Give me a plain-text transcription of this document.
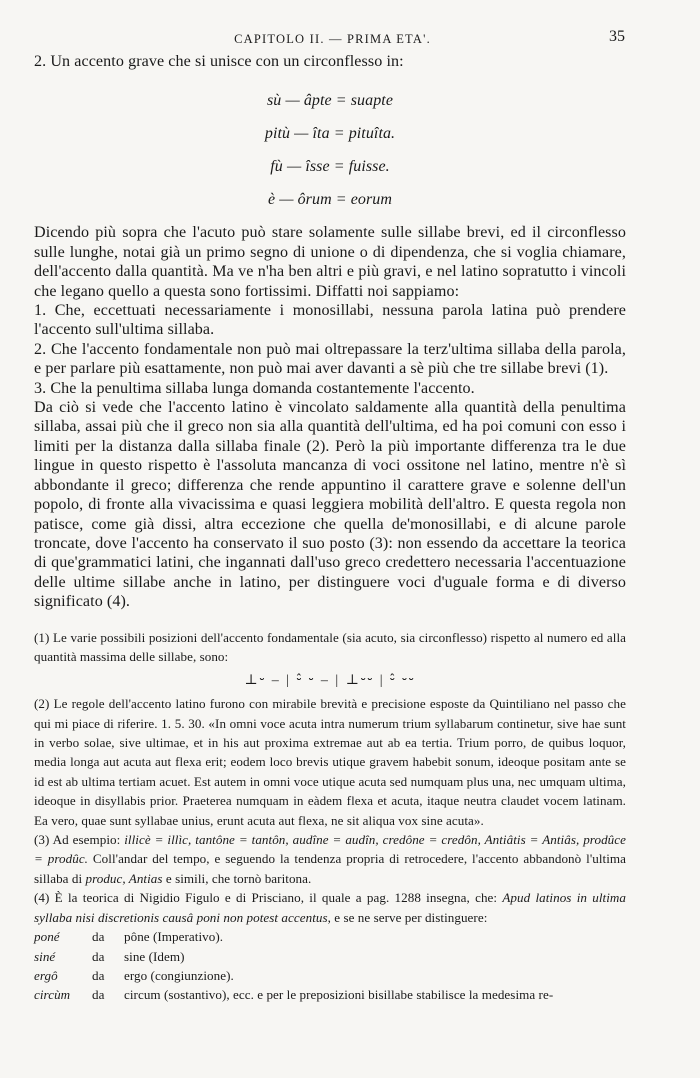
CAPITOLO II. — PRIMA ETA'.	35

2. Un accento grave che si unisce con un circonflesso in:

sù — âpte = suapte
pitù — îta = pituîta.
fù — îsse = fuisse.
è — ôrum = eorum

Dicendo più sopra che l'acuto può stare solamente sulle sillabe brevi, ed il circonflesso sulle lunghe, notai già un primo segno di unione o di dipendenza, che si voglia chiamare, dell'accento dalla quantità. Ma ve n'ha ben altri e più gravi, e nel latino sopratutto i vincoli che legano quello a questa sono fortissimi. Diffatti noi sappiamo:

1. Che, eccettuati necessariamente i monosillabi, nessuna parola latina può prendere l'accento sull'ultima sillaba.

2. Che l'accento fondamentale non può mai oltrepassare la terz'ultima sillaba della parola, e per parlare più esattamente, non può mai aver davanti a sè più che tre sillabe brevi (1).

3. Che la penultima sillaba lunga domanda costantemente l'accento.

Da ciò si vede che l'accento latino è vincolato saldamente alla quantità della penultima sillaba, assai più che il greco non sia alla quantità dell'ultima, ed ha poi comuni con esso i limiti per la distanza dalla sillaba finale (2). Però la più importante differenza tra le due lingue in questo rispetto è l'assoluta mancanza di voci ossitone nel latino, mentre n'è sì abbondante il greco; differenza che rende appuntino il carattere grave e solenne dell'un popolo, di fronte alla vivacissima e quasi leggiera mobilità dell'altro. E questa regola non patisce, come già dissi, altra eccezione che quella de'monosillabi, e di alcune parole troncate, dove l'accento ha conservato il suo posto (3): non essendo da accettare la teorica di que'grammatici latini, che ingannati dall'uso greco credettero necessaria l'accentuazione delle ultime sillabe anche in latino, per distinguere voci d'uguale forma e di diverso significato (4).

(1) Le varie possibili posizioni dell'accento fondamentale (sia acuto, sia circonflesso) rispetto al numero ed alla quantità massima delle sillabe, sono:

⊥⏑ – | ⏑̂ ⏑ – | ⊥⏑⏑ | ⏑̂ ⏑⏑

(2) Le regole dell'accento latino furono con mirabile brevità e precisione esposte da Quintiliano nel passo che qui mi piace di riferire. 1. 5. 30. «In omni voce acuta intra numerum trium syllabarum continetur, sive hae sunt in verbo solae, sive ultimae, et in his aut proxima extremae aut ab ea tertia. Trium porro, de quibus loquor, media longa aut acuta aut flexa erit; eodem loco brevis utique gravem habebit sonum, ideoque positam ante se id est ab ultima tertiam acuet. Est autem in omni voce utique acuta sed numquam plus una, nec umquam ultima, ideoque in disyllabis prior. Praeterea numquam in eàdem flexa et acuta, itaque neutra claudet vocem latinam. Ea vero, quae sunt syllabae unius, erunt acuta aut flexa, ne sit aliqua vox sine acuta».

(3) Ad esempio: illicè = illìc, tantône = tantôn, audîne = audîn, credône = credôn, Antiâtis = Antiâs, prodûce = prodûc. Coll'andar del tempo, e seguendo la tendenza propria di retrocedere, l'accento abbandonò l'ultima sillaba di produc, Antias e simili, che tornò baritona.

(4) È la teorica di Nigidio Figulo e di Prisciano, il quale a pag. 1288 insegna, che: Apud latinos in ultima syllaba nisi discretionis causâ poni non potest accentus, e se ne serve per distinguere:

poné	da	pône (Imperativo).
siné	da	sine (Idem)
ergô	da	ergo (congiunzione).
circùm	da	circum (sostantivo), ecc. e per le preposizioni bisillabe stabilisce la medesima re-
